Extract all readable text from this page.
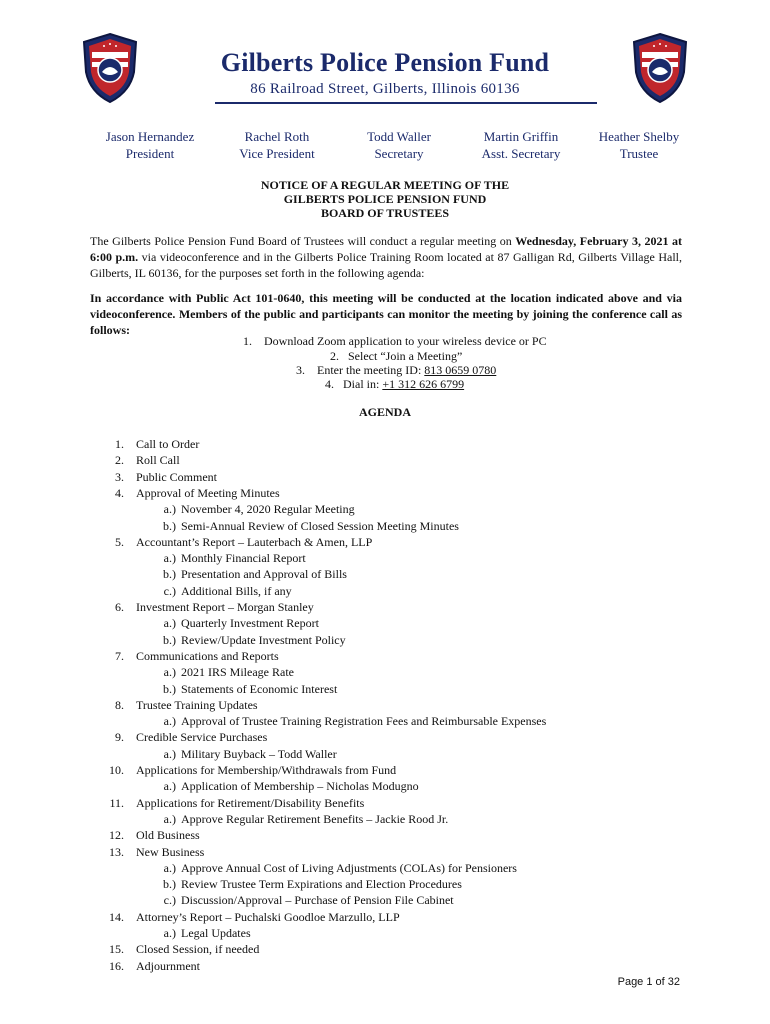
Gilberts Police Pension Fund
86 Railroad Street, Gilberts, Illinois 60136
Jason Hernandez
President
Rachel Roth
Vice President
Todd Waller
Secretary
Martin Griffin
Asst. Secretary
Heather Shelby
Trustee
NOTICE OF A REGULAR MEETING OF THE
GILBERTS POLICE PENSION FUND
BOARD OF TRUSTEES
The Gilberts Police Pension Fund Board of Trustees will conduct a regular meeting on Wednesday, February 3, 2021 at 6:00 p.m. via videoconference and in the Gilberts Police Training Room located at 87 Galligan Rd, Gilberts Village Hall, Gilberts, IL 60136, for the purposes set forth in the following agenda:
In accordance with Public Act 101-0640, this meeting will be conducted at the location indicated above and via videoconference. Members of the public and participants can monitor the meeting by joining the conference call as follows:
1. Download Zoom application to your wireless device or PC
2. Select “Join a Meeting”
3. Enter the meeting ID: 813 0659 0780
4. Dial in: +1 312 626 6799
AGENDA
1. Call to Order
2. Roll Call
3. Public Comment
4. Approval of Meeting Minutes
a.) November 4, 2020 Regular Meeting
b.) Semi-Annual Review of Closed Session Meeting Minutes
5. Accountant’s Report – Lauterbach & Amen, LLP
a.) Monthly Financial Report
b.) Presentation and Approval of Bills
c.) Additional Bills, if any
6. Investment Report – Morgan Stanley
a.) Quarterly Investment Report
b.) Review/Update Investment Policy
7. Communications and Reports
a.) 2021 IRS Mileage Rate
b.) Statements of Economic Interest
8. Trustee Training Updates
a.) Approval of Trustee Training Registration Fees and Reimbursable Expenses
9. Credible Service Purchases
a.) Military Buyback – Todd Waller
10. Applications for Membership/Withdrawals from Fund
a.) Application of Membership – Nicholas Modugno
11. Applications for Retirement/Disability Benefits
a.) Approve Regular Retirement Benefits – Jackie Rood Jr.
12. Old Business
13. New Business
a.) Approve Annual Cost of Living Adjustments (COLAs) for Pensioners
b.) Review Trustee Term Expirations and Election Procedures
c.) Discussion/Approval – Purchase of Pension File Cabinet
14. Attorney’s Report – Puchalski Goodloe Marzullo, LLP
a.) Legal Updates
15. Closed Session, if needed
16. Adjournment
Page 1 of 32
